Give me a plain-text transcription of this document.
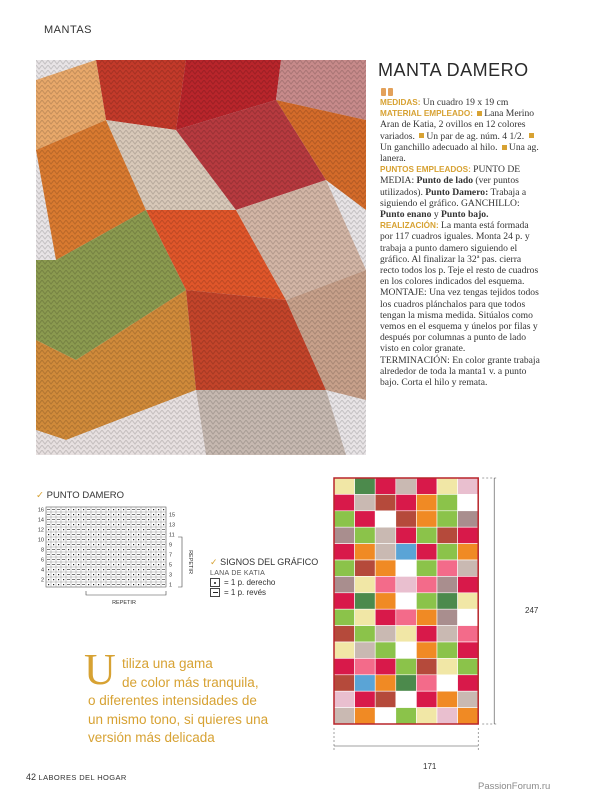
MANTAS
MANTA DAMERO

MEDIDAS: Un cuadro 19 x 19 cm

MATERIAL EMPLEADO: Lana Merino Aran de Katia, 2 ovillos en 12 colores variados. Un par de ag. núm. 4 1/2. Un ganchillo adecuado al hilo. Una ag. lanera.

PUNTOS EMPLEADOS: PUNTO DE MEDIA: Punto de lado (ver puntos utilizados). Punto Damero: Trabaja a siguiendo el gráfico. GANCHILLO: Punto enano y Punto bajo.

REALIZACIÓN: La manta está formada por 117 cuadros iguales. Monta 24 p. y trabaja a punto damero siguiendo el gráfico. Al finalizar la 32ª pas. cierra recto todos los p. Teje el resto de cuadros en los colores indicados del esquema.

MONTAJE: Una vez tengas tejidos todos los cuadros plánchalos para que todos tengan la misma medida. Sitúalos como vemos en el esquema y únelos por filas y después por columnas a punto de lado visto en color granate.

TERMINACIÓN: En color grante trabaja alrededor de toda la manta1 v. a punto bajo. Corta el hilo y remata.

✓ PUNTO DAMERO
16
14
12
10
8
6
4
2
15
13
11
9
7
5
3
1
REPETIR
REPETIR ✓ SIGNOS DEL GRÁFICO
LANA DE KATIA
= 1 p. derecho
= 1 p. revés
U tiliza una gama
de color más tranquila,
o diferentes intensidades de
un mismo tono, si quieres una
versión más delicada
247
171
42 LABORES DEL HOGAR
PassionForum.ru
